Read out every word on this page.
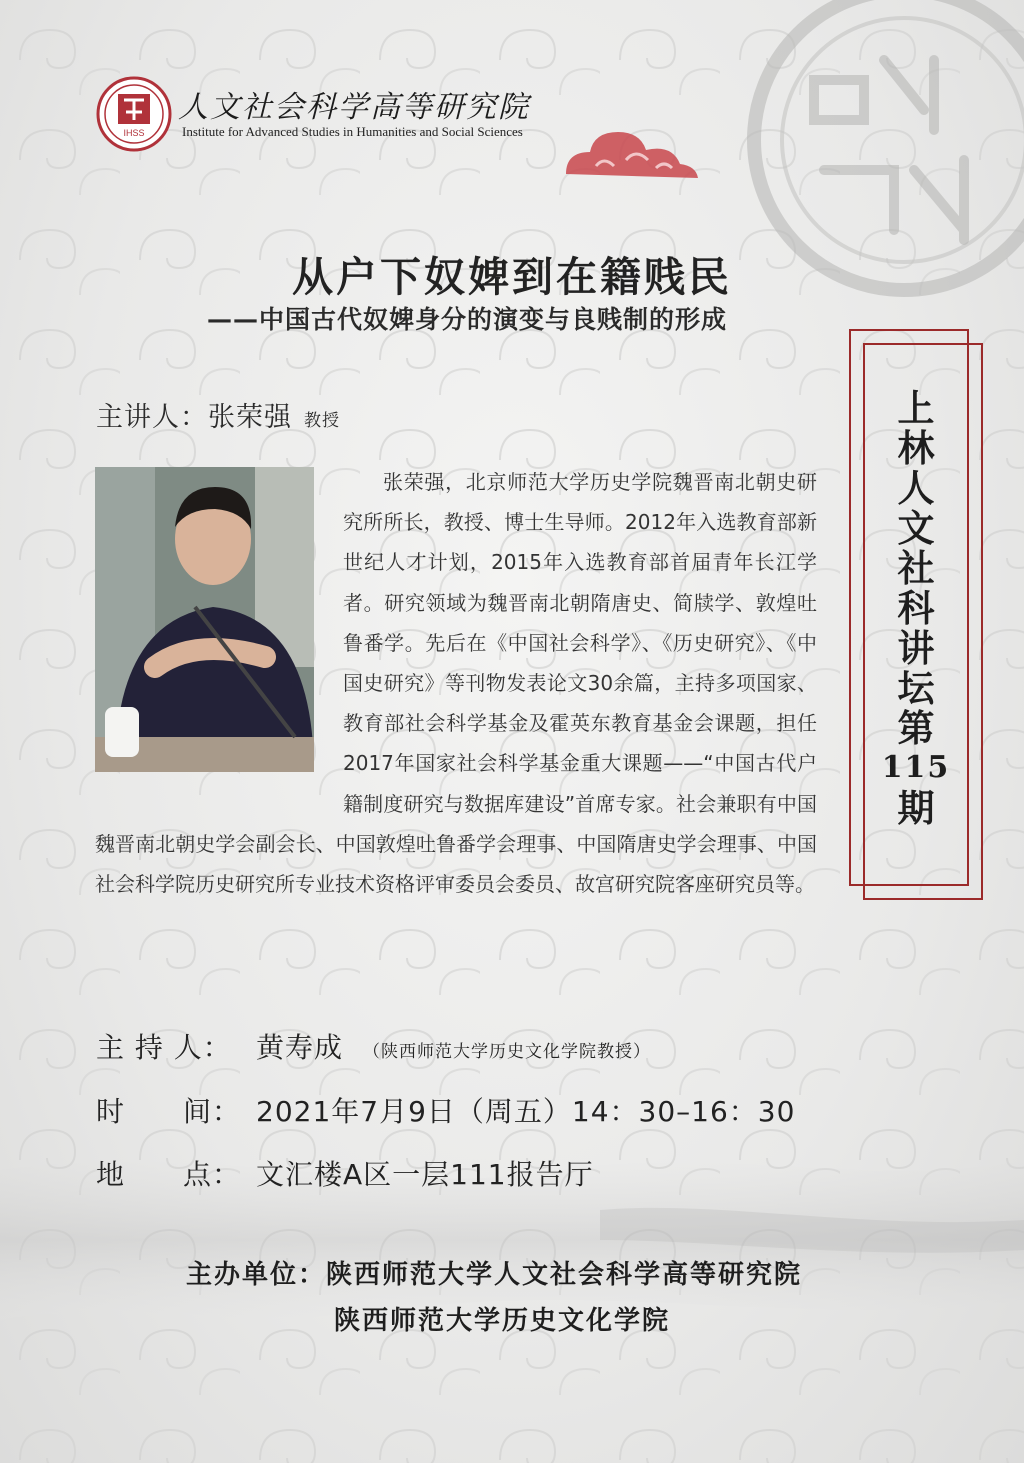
IHSS
人文社会科学高等研究院
Institute for Advanced Studies in Humanities and Social Sciences
从户下奴婢到在籍贱民
——中国古代奴婢身分的演变与良贱制的形成
主讲人：张荣强 教授

张荣强，北京师范大学历史学院魏晋南北朝史研究所所长，教授、博士生导师。2012年入选教育部新世纪人才计划，2015年入选教育部首届青年长江学者。研究领域为魏晋南北朝隋唐史、简牍学、敦煌吐鲁番学。先后在《中国社会科学》、《历史研究》、《中国史研究》等刊物发表论文30余篇，主持多项国家、教育部社会科学基金及霍英东教育基金会课题，担任2017年国家社会科学基金重大课题——“中国古代户籍制度研究与数据库建设”首席专家。社会兼职有中国魏晋南北朝史学会副会长、中国敦煌吐鲁番学会理事、中国隋唐史学会理事、中国社会科学院历史研究所专业技术资格评审委员会委员、故宫研究院客座研究员等。

上
林
人
文
社
科
讲
坛
第
115
期
主 持 人： 黄寿成 （陕西师范大学历史文化学院教授）
时　　间： 2021年7月9日（周五）14：30–16：30
地　　点： 文汇楼A区一层111报告厅
主办单位：陕西师范大学人文社会科学高等研究院
陕西师范大学历史文化学院
